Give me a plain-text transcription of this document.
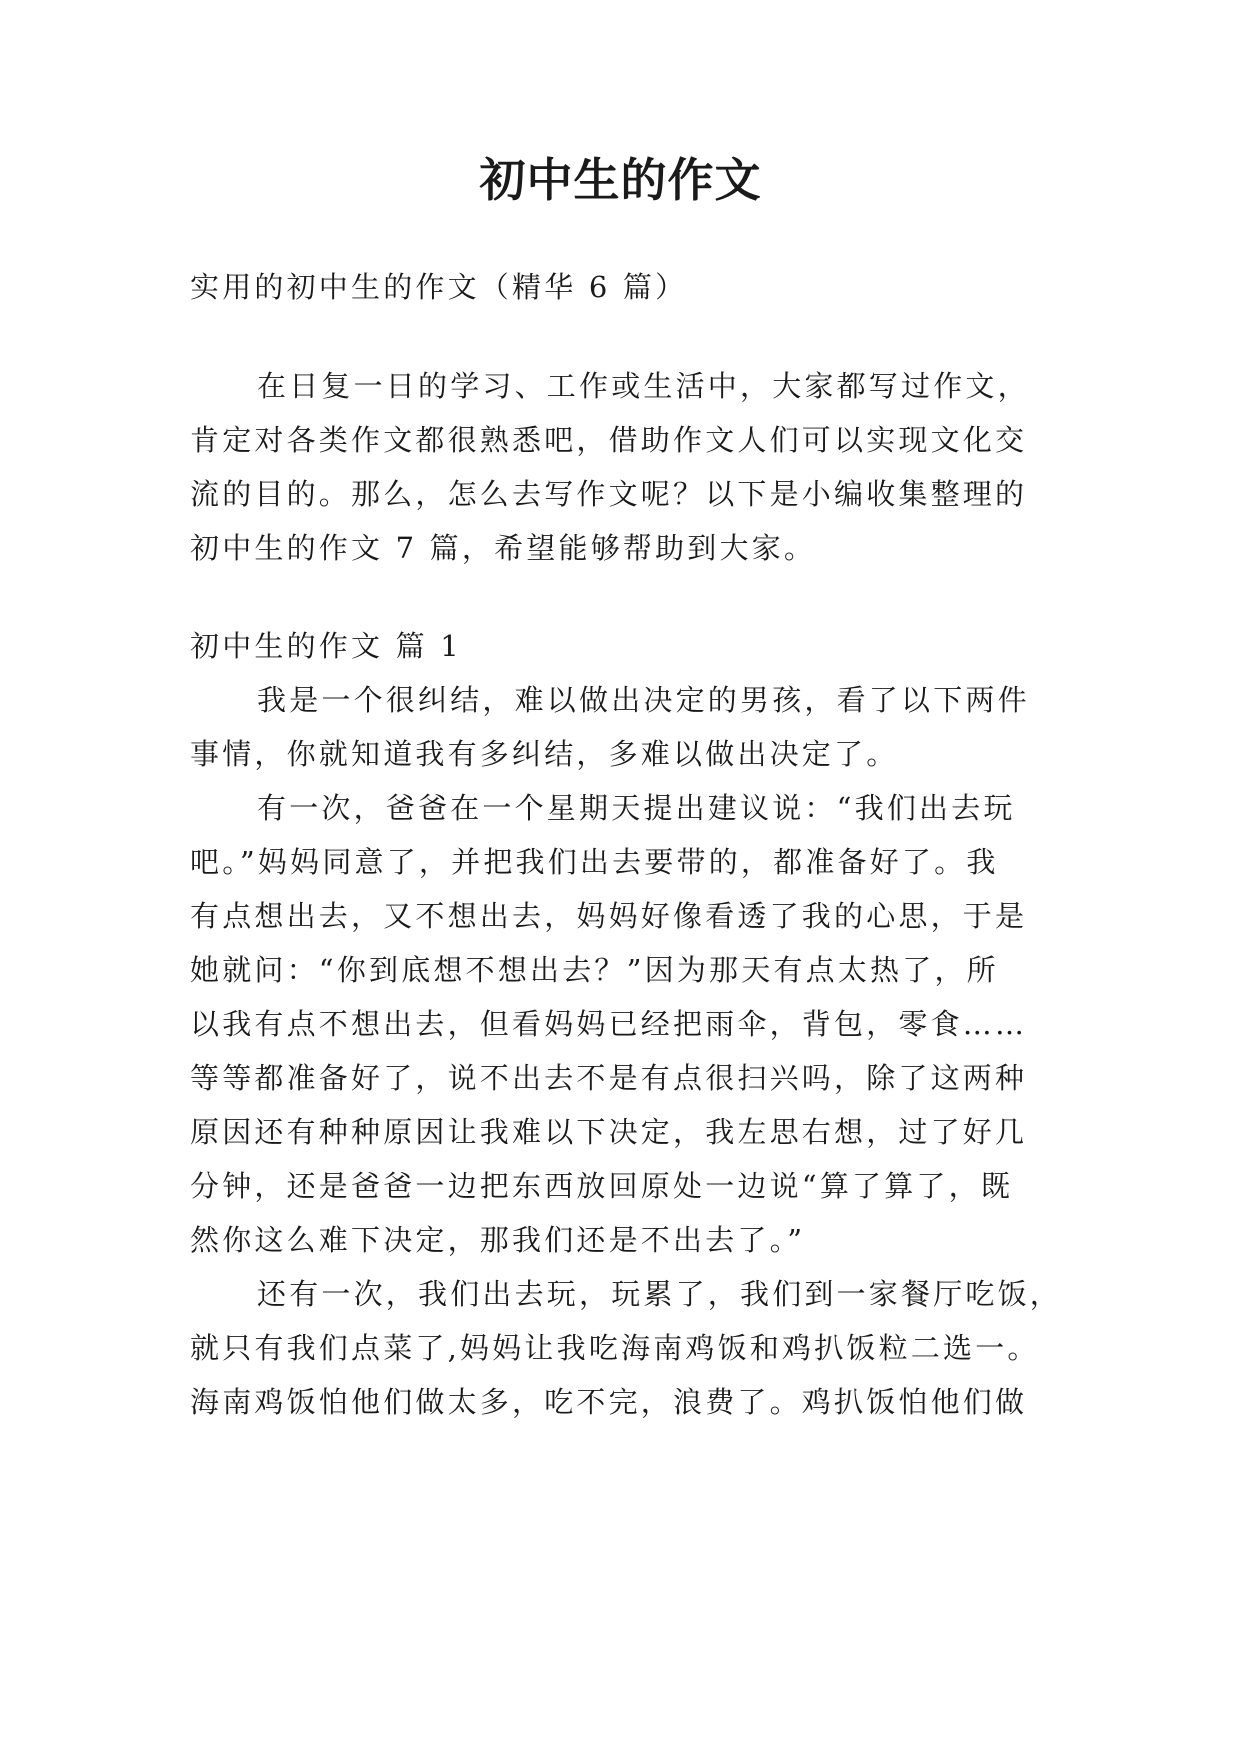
初中生的作文
实用的初中生的作文（精华 6 篇）
在日复一日的学习、工作或生活中，大家都写过作文，
肯定对各类作文都很熟悉吧，借助作文人们可以实现文化交
流的目的。那么，怎么去写作文呢？以下是小编收集整理的
初中生的作文 7 篇，希望能够帮助到大家。
初中生的作文 篇 1
我是一个很纠结，难以做出决定的男孩，看了以下两件
事情，你就知道我有多纠结，多难以做出决定了。
有一次，爸爸在一个星期天提出建议说：“我们出去玩
吧。”妈妈同意了，并把我们出去要带的，都准备好了。我
有点想出去，又不想出去，妈妈好像看透了我的心思，于是
她就问：“你到底想不想出去？”因为那天有点太热了，所
以我有点不想出去，但看妈妈已经把雨伞，背包，零食……
等等都准备好了，说不出去不是有点很扫兴吗，除了这两种
原因还有种种原因让我难以下决定，我左思右想，过了好几
分钟，还是爸爸一边把东西放回原处一边说“算了算了，既
然你这么难下决定，那我们还是不出去了。”
还有一次，我们出去玩，玩累了，我们到一家餐厅吃饭，
就只有我们点菜了,妈妈让我吃海南鸡饭和鸡扒饭粒二选一。
海南鸡饭怕他们做太多，吃不完，浪费了。鸡扒饭怕他们做
